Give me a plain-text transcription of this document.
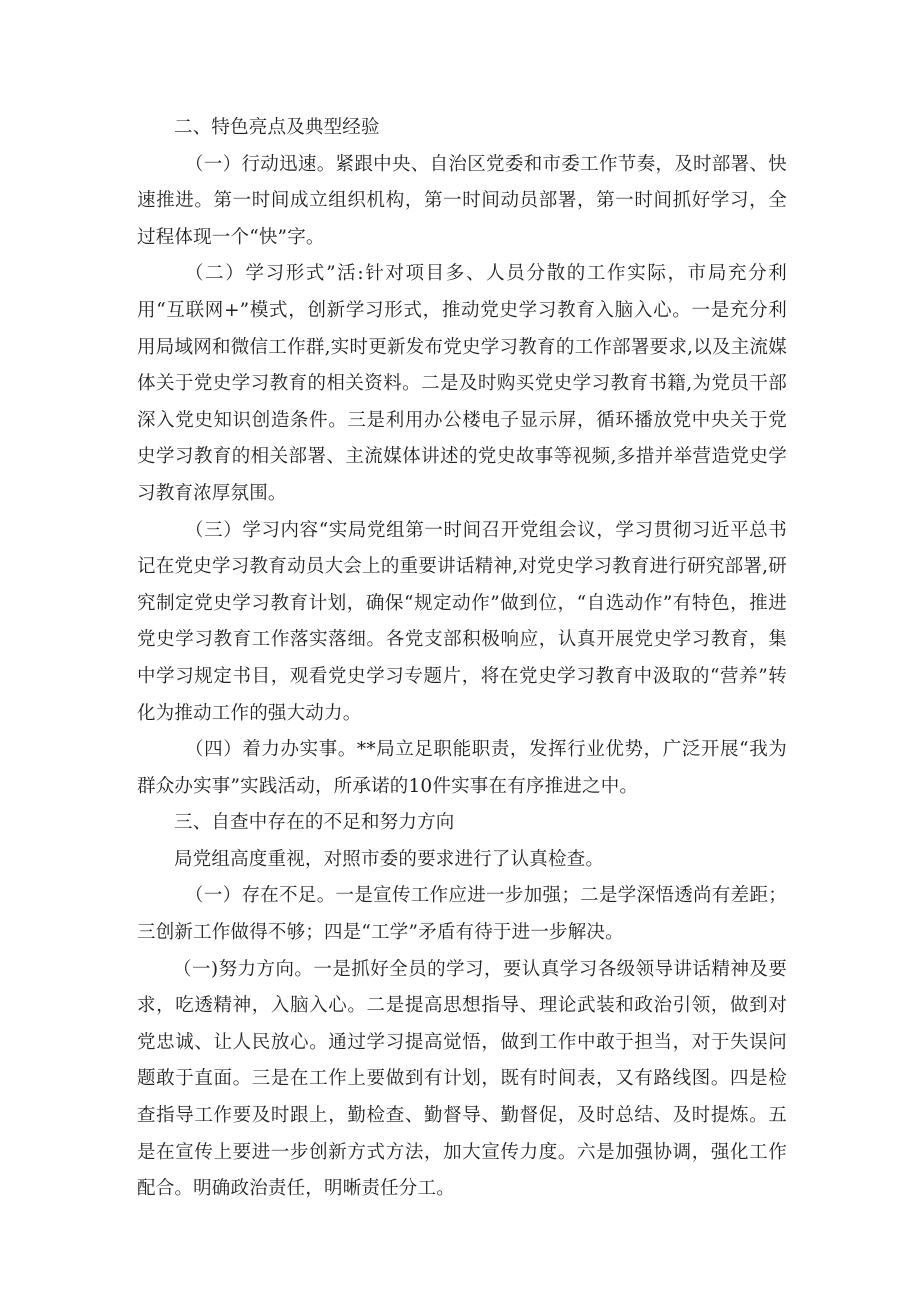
二、特色亮点及典型经验

（一）行动迅速。紧跟中央、自治区党委和市委工作节奏，及时部署、快速推进。第一时间成立组织机构，第一时间动员部署，第一时间抓好学习，全过程体现一个“快”字。

（二）学习形式”活:针对项目多、人员分散的工作实际，市局充分利用“互联网+”模式，创新学习形式，推动党史学习教育入脑入心。一是充分利用局域网和微信工作群,实时更新发布党史学习教育的工作部署要求,以及主流媒体关于党史学习教育的相关资料。二是及时购买党史学习教育书籍,为党员干部深入党史知识创造条件。三是利用办公楼电子显示屏，循环播放党中央关于党史学习教育的相关部署、主流媒体讲述的党史故事等视频,多措并举营造党史学习教育浓厚氛围。

（三）学习内容“实局党组第一时间召开党组会议，学习贯彻习近平总书记在党史学习教育动员大会上的重要讲话精神,对党史学习教育进行研究部署,研究制定党史学习教育计划，确保“规定动作”做到位，“自选动作”有特色，推进党史学习教育工作落实落细。各党支部积极响应，认真开展党史学习教育，集中学习规定书目，观看党史学习专题片，将在党史学习教育中汲取的“营养”转化为推动工作的强大动力。

（四）着力办实事。**局立足职能职责，发挥行业优势，广泛开展“我为群众办实事”实践活动，所承诺的10件实事在有序推进之中。

三、自查中存在的不足和努力方向

局党组高度重视，对照市委的要求进行了认真检查。

（一）存在不足。一是宣传工作应进一步加强；二是学深悟透尚有差距；三创新工作做得不够；四是“工学”矛盾有待于进一步解决。

（一)努力方向。一是抓好全员的学习，要认真学习各级领导讲话精神及要求，吃透精神，入脑入心。二是提高思想指导、理论武装和政治引领，做到对党忠诚、让人民放心。通过学习提高觉悟，做到工作中敢于担当，对于失误问题敢于直面。三是在工作上要做到有计划，既有时间表，又有路线图。四是检查指导工作要及时跟上，勤检查、勤督导、勤督促，及时总结、及时提炼。五是在宣传上要进一步创新方式方法，加大宣传力度。六是加强协调，强化工作配合。明确政治责任，明晰责任分工。
